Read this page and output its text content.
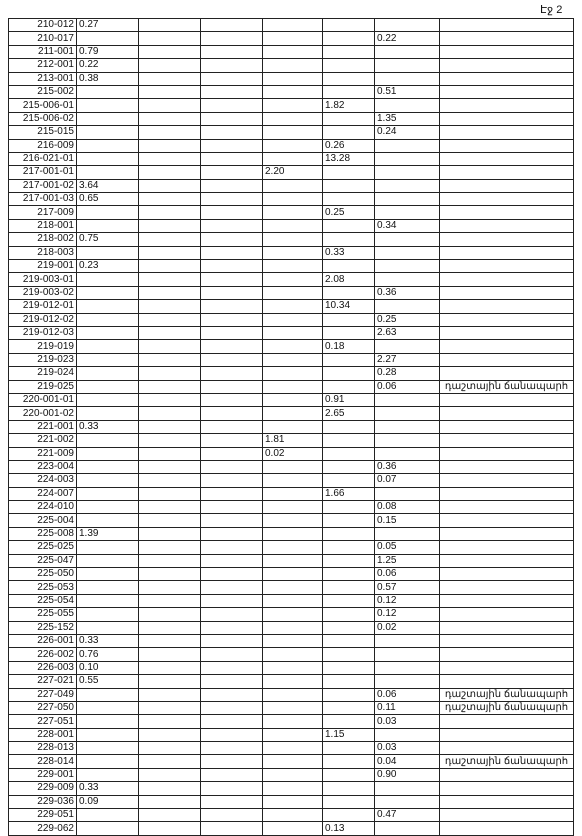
Էջ 2
210-012	0.27						
210-017						0.22	
211-001	0.79						
212-001	0.22						
213-001	0.38						
215-002						0.51	
215-006-01					1.82		
215-006-02						1.35	
215-015						0.24	
216-009					0.26		
216-021-01					13.28		
217-001-01				2.20			
217-001-02	3.64						
217-001-03	0.65						
217-009					0.25		
218-001						0.34	
218-002	0.75						
218-003					0.33		
219-001	0.23						
219-003-01					2.08		
219-003-02						0.36	
219-012-01					10.34		
219-012-02						0.25	
219-012-03						2.63	
219-019					0.18		
219-023						2.27	
219-024						0.28	
219-025						0.06	դաշտային ճանապարհ
220-001-01					0.91		
220-001-02					2.65		
221-001	0.33						
221-002				1.81			
221-009				0.02			
223-004						0.36	
224-003						0.07	
224-007					1.66		
224-010						0.08	
225-004						0.15	
225-008	1.39						
225-025						0.05	
225-047						1.25	
225-050						0.06	
225-053						0.57	
225-054						0.12	
225-055						0.12	
225-152						0.02	
226-001	0.33						
226-002	0.76						
226-003	0.10						
227-021	0.55						
227-049						0.06	դաշտային ճանապարհ
227-050						0.11	դաշտային ճանապարհ
227-051						0.03	
228-001					1.15		
228-013						0.03	
228-014						0.04	դաշտային ճանապարհ
229-001						0.90	
229-009	0.33						
229-036	0.09						
229-051						0.47	
229-062					0.13		
